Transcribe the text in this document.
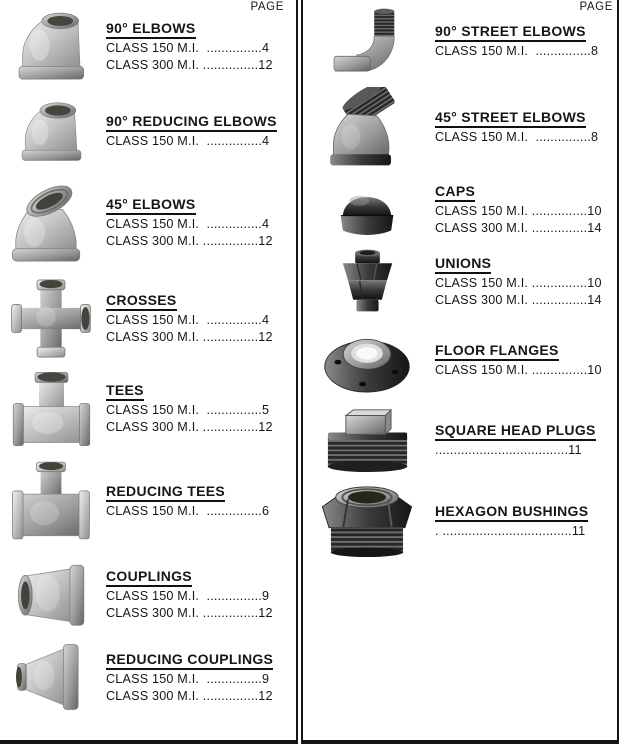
PAGE
90° ELBOWS
CLASS 150 M.I.  ...............4
CLASS 300 M.I. ...............12
90° REDUCING ELBOWS
CLASS 150 M.I.  ...............4
45° ELBOWS
CLASS 150 M.I.  ...............4
CLASS 300 M.I. ...............12
CROSSES
CLASS 150 M.I.  ...............4
CLASS 300 M.I. ...............12
TEES
CLASS 150 M.I.  ...............5
CLASS 300 M.I. ...............12
REDUCING TEES
CLASS 150 M.I.  ...............6
COUPLINGS
CLASS 150 M.I.  ...............9
CLASS 300 M.I. ...............12
REDUCING COUPLINGS
CLASS 150 M.I.  ...............9
CLASS 300 M.I. ...............12
PAGE
90° STREET ELBOWS
CLASS 150 M.I.  ...............8
45° STREET ELBOWS
CLASS 150 M.I.  ...............8
CAPS
CLASS 150 M.I. ...............10
CLASS 300 M.I. ...............14
UNIONS
CLASS 150 M.I. ...............10
CLASS 300 M.I. ...............14
FLOOR FLANGES
CLASS 150 M.I. ...............10
SQUARE HEAD PLUGS
....................................11
HEXAGON BUSHINGS
. ...................................11
